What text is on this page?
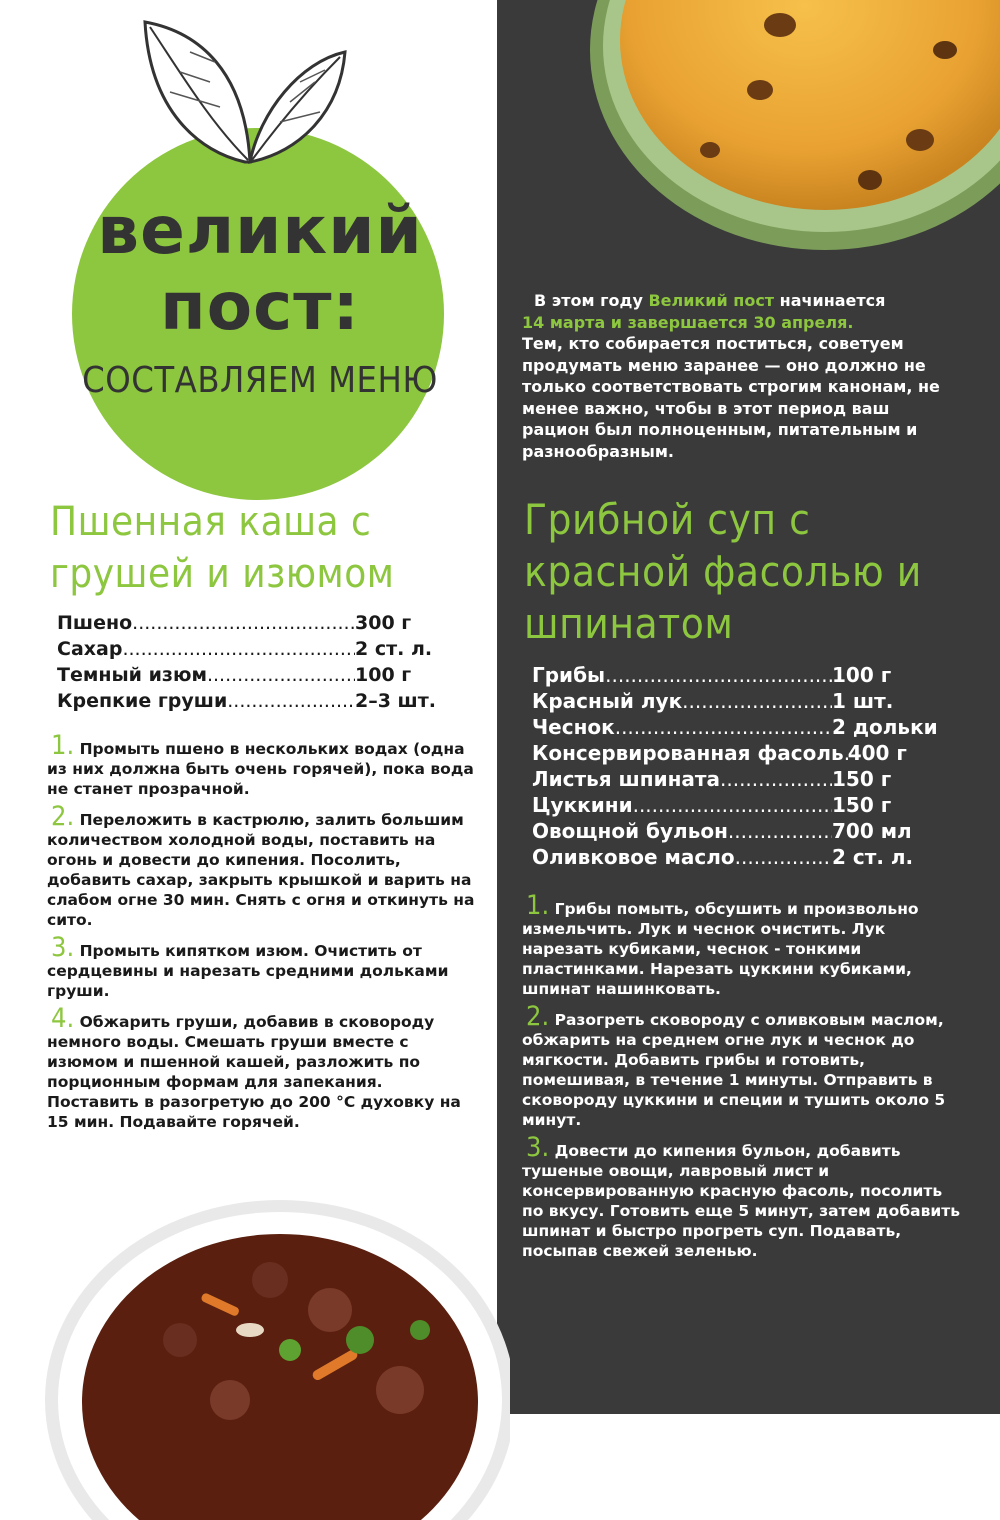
великий
пост:

СОСТАВЛЯЕМ МЕНЮ

В этом году Великий пост начинается
14 марта и завершается 30 апреля.
Тем, кто собирается поститься, советуем продумать меню заранее — оно должно не только соответствовать строгим канонам, не менее важно, чтобы в этот период ваш рацион был полноценным, питательным и разнообразным.

Пшенная каша с грушей и изюмом
Пшено .....	300 г
Сахар .....	2 ст. л.
Темный изюм .....	100 г
Крепкие груши .....	2–3 шт.
1. Промыть пшено в нескольких водах (одна из них должна быть очень горячей), пока вода не станет прозрачной.
2. Переложить в кастрюлю, залить большим количеством холодной воды, поставить на огонь и довести до кипения. Посолить, добавить сахар, закрыть крышкой и варить на слабом огне 30 мин. Снять с огня и откинуть на сито.
3. Промыть кипятком изюм. Очистить от сердцевины и нарезать средними дольками груши.
4. Обжарить груши, добавив в сковороду немного воды. Смешать груши вместе с изюмом и пшенной кашей, разложить по порционным формам для запекания. Поставить в разогретую до 200 °С духовку на 15 мин. Подавайте горячей.
Грибной суп с красной фасолью и шпинатом
Грибы .....	100 г
Красный лук .....	1 шт.
Чеснок .....	2 дольки
Консервированная фасоль ..... 400 г
Листья шпината .....	150 г
Цуккини .....	150 г
Овощной бульон .....	700 мл
Оливковое масло .....	2 ст. л.
1. Грибы помыть, обсушить и произвольно измельчить. Лук и чеснок очистить. Лук нарезать кубиками, чеснок - тонкими пластинками. Нарезать цуккини кубиками, шпинат нашинковать.
2. Разогреть сковороду с оливковым маслом, обжарить на среднем огне лук и чеснок до мягкости. Добавить грибы и готовить, помешивая, в течение 1 минуты. Отправить в сковороду цуккини и специи и тушить около 5 минут.
3. Довести до кипения бульон, добавить тушеные овощи, лавровый лист и консервированную красную фасоль, посолить по вкусу. Готовить еще 5 минут, затем добавить шпинат и быстро прогреть суп. Подавать, посыпав свежей зеленью.
